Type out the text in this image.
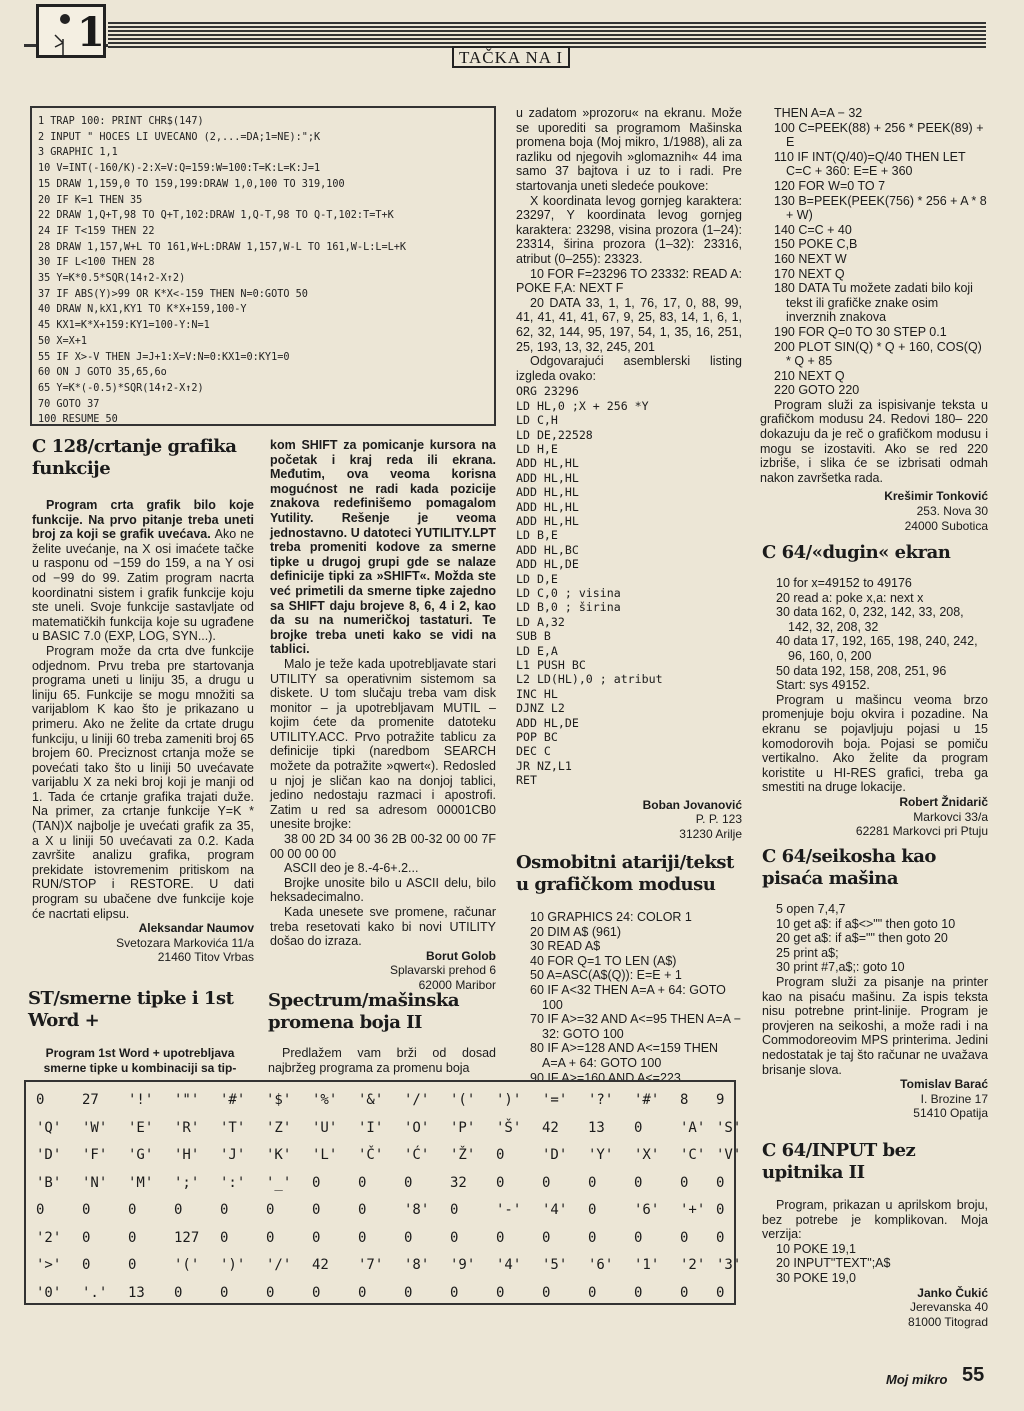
1
TAČKA NA I
1 TRAP 100: PRINT CHR$(147)
2 INPUT " HOCES LI UVECANO (2,...=DA;1=NE):";K
3 GRAPHIC 1,1
10 V=INT(-160/K)-2:X=V:Q=159:W=100:T=K:L=K:J=1
15 DRAW 1,159,0 TO 159,199:DRAW 1,0,100 TO 319,100
20 IF K=1 THEN 35
22 DRAW 1,Q+T,98 TO Q+T,102:DRAW 1,Q-T,98 TO Q-T,102:T=T+K
24 IF T<159 THEN 22
28 DRAW 1,157,W+L TO 161,W+L:DRAW 1,157,W-L TO 161,W-L:L=L+K
30 IF L<100 THEN 28
35 Y=K*0.5*SQR(14↑2-X↑2)
37 IF ABS(Y)>99 OR K*X<-159 THEN N=0:GOTO 50
40 DRAW N,kX1,KY1 TO K*X+159,100-Y
45 KX1=K*X+159:KY1=100-Y:N=1
50 X=X+1
55 IF X>-V THEN J=J+1:X=V:N=0:KX1=0:KY1=0
60 ON J GOTO 35,65,6o
65 Y=K*(-0.5)*SQR(14↑2-X↑2)
70 GOTO 37
100 RESUME 50
C 128/crtanje grafika funkcije

Program crta grafik bilo koje funkcije. Na prvo pitanje treba uneti broj za koji se grafik uvećava. Ako ne želite uvećanje, na X osi imaćete tačke u rasponu od −159 do 159, a na Y osi od −99 do 99. Zatim program nacrta koordinatni sistem i grafik funkcije koju ste uneli. Svoje funkcije sastavljate od matematičkih funkcija koje su ugrađene u BASIC 7.0 (EXP, LOG, SYN...).

Program može da crta dve funkcije odjednom. Prvu treba pre startovanja programa uneti u liniju 35, a drugu u liniju 65. Funkcije se mogu množiti sa varijablom K kao što je prikazano u primeru. Ako ne želite da crtate drugu funkciju, u liniji 60 treba zameniti broj 65 brojem 60. Preciznost crtanja može se povećati tako što u liniji 50 uvećavate varijablu X za neki broj koji je manji od 1. Tada će crtanje grafika trajati duže. Na primer, za crtanje funkcije Y=K * (TAN)X najbolje je uvećati grafik za 35, a X u liniji 50 uvećavati za 0.2. Kada završite analizu grafika, program prekidate istovremenim pritiskom na RUN/STOP i RESTORE. U dati program su ubačene dve funkcije koje će nacrtati elipsu.

Aleksandar Naumov
Svetozara Markovića 11/a
21460 Titov Vrbas
ST/smerne tipke i 1st Word +

Program 1st Word + upotrebljava smerne tipke u kombinaciji sa tip-

kom SHIFT za pomicanje kursora na početak i kraj reda ili ekrana. Međutim, ova veoma korisna mogućnost ne radi kada pozicije znakova redefinišemo pomagalom Yutility. Rešenje je veoma jednostavno. U datoteci YUTILITY.LPT treba promeniti kodove za smerne tipke u drugoj grupi gde se nalaze definicije tipki za »SHIFT«. Možda ste već primetili da smerne tipke zajedno sa SHIFT daju brojeve 8, 6, 4 i 2, kao da su na numeričkoj tastaturi. Te brojke treba uneti kako se vidi na tablici.

Malo je teže kada upotrebljavate stari UTILITY sa operativnim sistemom sa diskete. U tom slučaju treba vam disk monitor – ja upotrebljavam MUTIL – kojim ćete da promenite datoteku UTILITY.ACC. Prvo potražite tablicu za definicije tipki (naredbom SEARCH možete da potražite »qwert«). Redosled u njoj je sličan kao na donjoj tablici, jedino nedostaju razmaci i apostrofi. Zatim u red sa adresom 00001CB0 unesite brojke:

38 00 2D 34 00 36 2B 00-32 00 00 7F 00 00 00 00

ASCII deo je 8.-4-6+.2...

Brojke unosite bilo u ASCII delu, bilo heksadecimalno.

Kada unesete sve promene, računar treba resetovati kako bi novi UTILITY došao do izraza.

Borut Golob
Splavarski prehod 6
62000 Maribor
Spectrum/mašinska promena boja II

Predlažem vam brži od dosad najbržeg programa za promenu boja

u zadatom »prozoru« na ekranu. Može se uporediti sa programom Mašinska promena boja (Moj mikro, 1/1988), ali za razliku od njegovih »glomaznih« 44 ima samo 37 bajtova i uz to i radi. Pre startovanja uneti sledeće poukove:

X koordinata levog gornjeg karaktera: 23297, Y koordinata levog gornjeg karaktera: 23298, visina prozora (1–24): 23314, širina prozora (1–32): 23316, atribut (0–255): 23323.

10 FOR F=23296 TO 23332: READ A: POKE F,A: NEXT F

20 DATA 33, 1, 1, 76, 17, 0, 88, 99, 41, 41, 41, 41, 67, 9, 25, 83, 14, 1, 6, 1, 62, 32, 144, 95, 197, 54, 1, 35, 16, 251, 25, 193, 13, 32, 245, 201

Odgovarajući asemblerski listing izgleda ovako:

ORG 23296
LD HL,0 ;X + 256 *Y
LD C,H
LD DE,22528
LD H,E
ADD HL,HL
ADD HL,HL
ADD HL,HL
ADD HL,HL
ADD HL,HL
LD B,E
ADD HL,BC
ADD HL,DE
LD D,E
LD C,0 ; visina
LD B,0 ; širina
LD A,32
SUB B
LD E,A
L1 PUSH BC
L2 LD(HL),0 ; atribut
INC HL
DJNZ L2
ADD HL,DE
POP BC
DEC C
JR NZ,L1
RET
Boban Jovanović
P. P. 123
31230 Arilje
Osmobitni atariji/tekst u grafičkom modusu
10 GRAPHICS 24: COLOR 1
20 DIM A$ (961)
30 READ A$
40 FOR Q=1 TO LEN (A$)
50 A=ASC(A$(Q)): E=E + 1
60 IF A<32 THEN A=A + 64: GOTO 100
70 IF A>=32 AND A<=95 THEN A=A − 32: GOTO 100
80 IF A>=128 AND A<=159 THEN A=A + 64: GOTO 100
90 IF A>=160 AND A<=223
THEN A=A − 32
100 C=PEEK(88) + 256 * PEEK(89) + E
110 IF INT(Q/40)=Q/40 THEN LET C=C + 360: E=E + 360
120 FOR W=0 TO 7
130 B=PEEK(PEEK(756) * 256 + A * 8 + W)
140 C=C + 40
150 POKE C,B
160 NEXT W
170 NEXT Q
180 DATA Tu možete zadati bilo koji tekst ili grafičke znake osim inverznih znakova
190 FOR Q=0 TO 30 STEP 0.1
200 PLOT SIN(Q) * Q + 160, COS(Q) * Q + 85
210 NEXT Q
220 GOTO 220

Program služi za ispisivanje teksta u grafičkom modusu 24. Redovi 180– 220 dokazuju da je reč o grafičkom modusu i mogu se izostaviti. Ako se red 220 izbriše, i slika će se izbrisati odmah nakon završetka rada.

Krešimir Tonković
253. Nova 30
24000 Subotica
C 64/«dugin« ekran
10 for x=49152 to 49176
20 read a: poke x,a: next x
30 data 162, 0, 232, 142, 33, 208, 142, 32, 208, 32
40 data 17, 192, 165, 198, 240, 242, 96, 160, 0, 200
50 data 192, 158, 208, 251, 96
Start: sys 49152.

Program u mašincu veoma brzo promenjuje boju okvira i pozadine. Na ekranu se pojavljuju pojasi u 15 komodorovih boja. Pojasi se pomiču vertikalno. Ako želite da program koristite u HI-RES grafici, treba ga smestiti na druge lokacije.

Robert Žnidarič
Markovci 33/a
62281 Markovci pri Ptuju
C 64/seikosha kao pisaća mašina
5 open 7,4,7
10 get a$: if a$<>"" then goto 10
20 get a$: if a$="" then goto 20
25 print a$;
30 print #7,a$;: goto 10

Program služi za pisanje na printer kao na pisaću mašinu. Za ispis teksta nisu potrebne print-linije. Program je provjeren na seikoshi, a može radi i na Commodoreovim MPS printerima. Jedini nedostatak je taj što računar ne uvažava brisanje slova.

Tomislav Barać
I. Brozine 17
51410 Opatija
C 64/INPUT bez upitnika II

Program, prikazan u aprilskom broju, bez potrebe je komplikovan. Moja verzija:

10 POKE 19,1
20 INPUT"TEXT";A$
30 POKE 19,0
Janko Čukić
Jerevanska 40
81000 Titograd
0	27 '!' '"' '#' '$' '%' '&' '/' '(' ')' '=' '?' '#' 8 9
'Q' 'W' 'E' 'R' 'T' 'Z' 'U' 'I' 'O' 'P' 'Š' 42 13 0	'A' 'S'
'D' 'F' 'G' 'H' 'J' 'K' 'L' 'Č' 'Ć' 'Ž' 0	'D' 'Y' 'X' 'C' 'V'
'B' 'N' 'M' ';' ':' '_' 0	0	0	32 0	0	0	0	0 0
0	0	0	0	0	0	0	0	'8' 0	'-' '4' 0	'6' '+' 0
'2' 0	0	127 0	0	0	0	0	0	0	0	0	0	0 0
'>' 0	0	'(' ')' '/' 42 '7' '8' '9' '4' '5' '6' '1' '2' '3'
'0' '.' 13 0	0	0	0	0	0	0	0	0	0	0	0 0
Moj mikro 55
